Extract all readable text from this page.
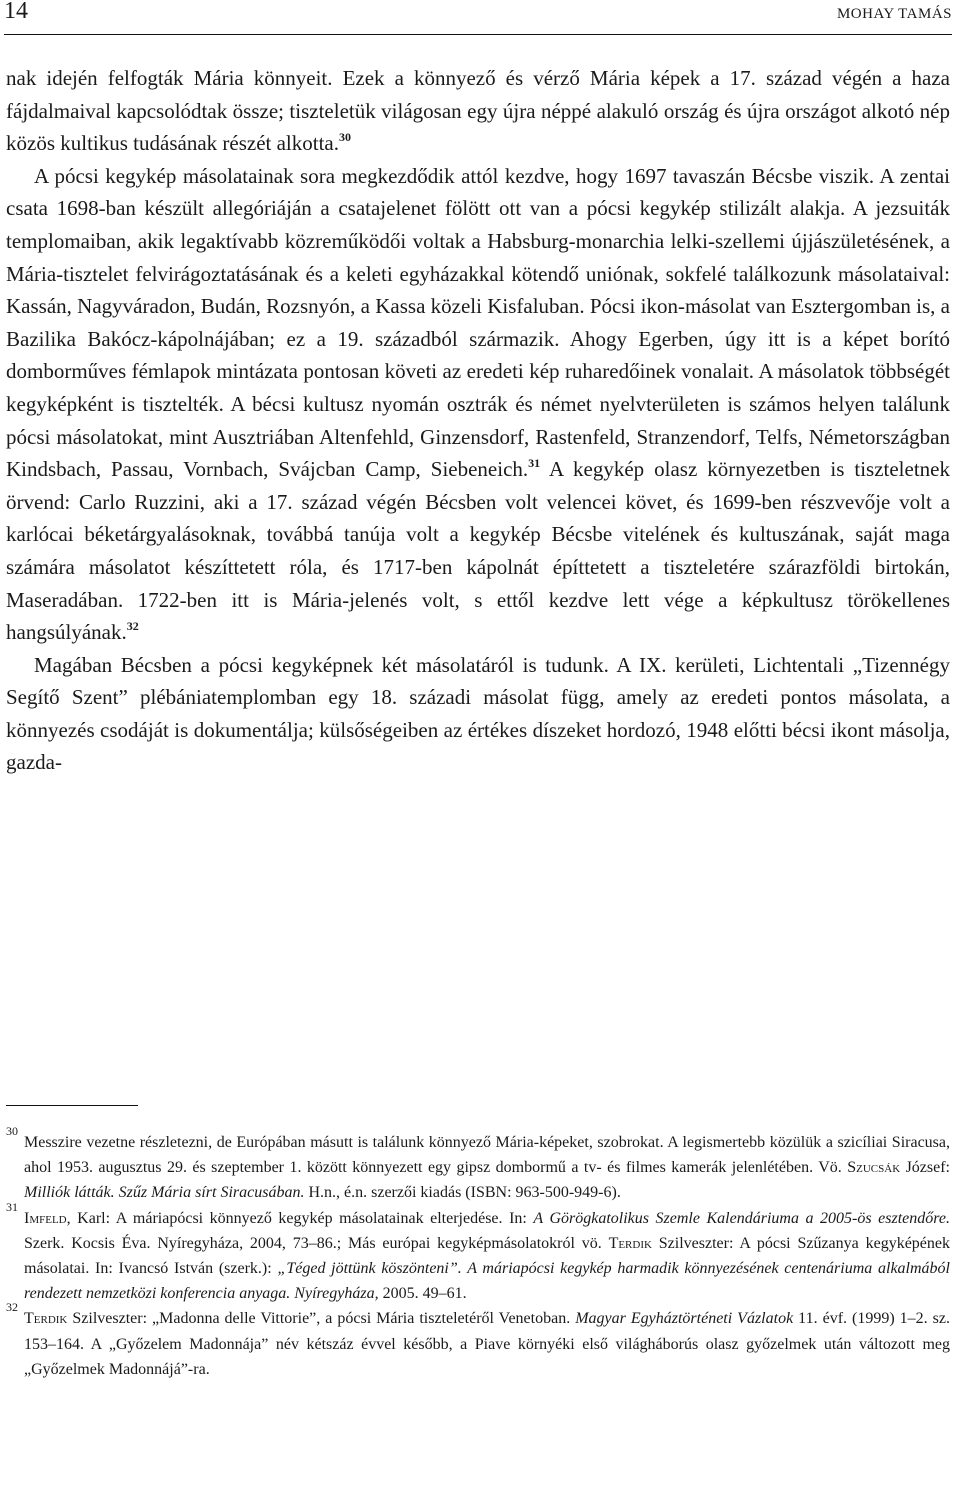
14	MOHAY TAMÁS

nak idején felfogták Mária könnyeit. Ezek a könnyező és vérző Mária képek a 17. század végén a haza fájdalmaival kapcsolódtak össze; tiszteletük világosan egy újra néppé alakuló ország és újra országot alkotó nép közös kultikus tudásának részét alkotta.$^{30}$

A pócsi kegykép másolatainak sora megkezdődik attól kezdve, hogy 1697 tavaszán Bécsbe viszik. A zentai csata 1698-ban készült allegóriáján a csatajelenet fölött ott van a pócsi kegykép stilizált alakja. A jezsuiták templomaiban, akik legaktívabb közreműködői voltak a Habsburg-monarchia lelki-szellemi újjászületésének, a Mária-tisztelet felvirágoztatásának és a keleti egyházakkal kötendő uniónak, sokfelé találkozunk másolataival: Kassán, Nagyváradon, Budán, Rozsnyón, a Kassa közeli Kisfaluban. Pócsi ikon-másolat van Esztergomban is, a Bazilika Bakócz-kápolnájában; ez a 19. századból származik. Ahogy Egerben, úgy itt is a képet borító domborműves fémlapok mintázata pontosan követi az eredeti kép ruharedőinek vonalait. A másolatok többségét kegyképként is tisztelték. A bécsi kultusz nyomán osztrák és német nyelvterületen is számos helyen találunk pócsi másolatokat, mint Ausztriában Altenfehld, Ginzensdorf, Rastenfeld, Stranzendorf, Telfs, Németországban Kindsbach, Passau, Vornbach, Svájcban Camp, Siebeneich.$^{31}$ A kegykép olasz környezetben is tiszteletnek örvend: Carlo Ruzzini, aki a 17. század végén Bécsben volt velencei követ, és 1699-ben részvevője volt a karlócai béketárgyalásoknak, továbbá tanúja volt a kegykép Bécsbe vitelének és kultuszának, saját maga számára másolatot készíttetett róla, és 1717-ben kápolnát építtetett a tiszteletére szárazföldi birtokán, Maseradában. 1722-ben itt is Mária-jelenés volt, s ettől kezdve lett vége a képkultusz törökellenes hangsúlyának.$^{32}$

Magában Bécsben a pócsi kegyképnek két másolatáról is tudunk. A IX. kerületi, Lichtentali „Tizennégy Segítő Szent” plébániatemplomban egy 18. századi másolat függ, amely az eredeti pontos másolata, a könnyezés csodáját is dokumentálja; külsőségeiben az értékes díszeket hordozó, 1948 előtti bécsi ikont másolja, gazda-

30
Messzire vezetne részletezni, de Európában másutt is találunk könnyező Mária-képeket, szobrokat. A legismertebb közülük a szicíliai Siracusa, ahol 1953. augusztus 29. és szeptember 1. között könnyezett egy gipsz dombormű a tv- és filmes kamerák jelenlétében. Vö. Szucsák József: Milliók látták. Szűz Mária sírt Siracusában. H.n., é.n. szerzői kiadás (ISBN: 963-500-949-6).

31
Imfeld, Karl: A máriapócsi könnyező kegykép másolatainak elterjedése. In: A Görögkatolikus Szemle Kalendáriuma a 2005-ös esztendőre. Szerk. Kocsis Éva. Nyíregyháza, 2004, 73–86.; Más európai kegyképmásolatokról vö. Terdik Szilveszter: A pócsi Szűzanya kegyképének másolatai. In: Ivancsó István (szerk.): „Téged jöttünk köszönteni”. A máriapócsi kegykép harmadik könnyezésének centenáriuma alkalmából rendezett nemzetközi konferencia anyaga. Nyíregyháza, 2005. 49–61.

32
Terdik Szilveszter: „Madonna delle Vittorie”, a pócsi Mária tiszteletéről Venetoban. Magyar Egyháztörténeti Vázlatok 11. évf. (1999) 1–2. sz. 153–164. A „Győzelem Madonnája” név kétszáz évvel később, a Piave környéki első világháborús olasz győzelmek után változott meg „Győzelmek Madonnájá”-ra.
